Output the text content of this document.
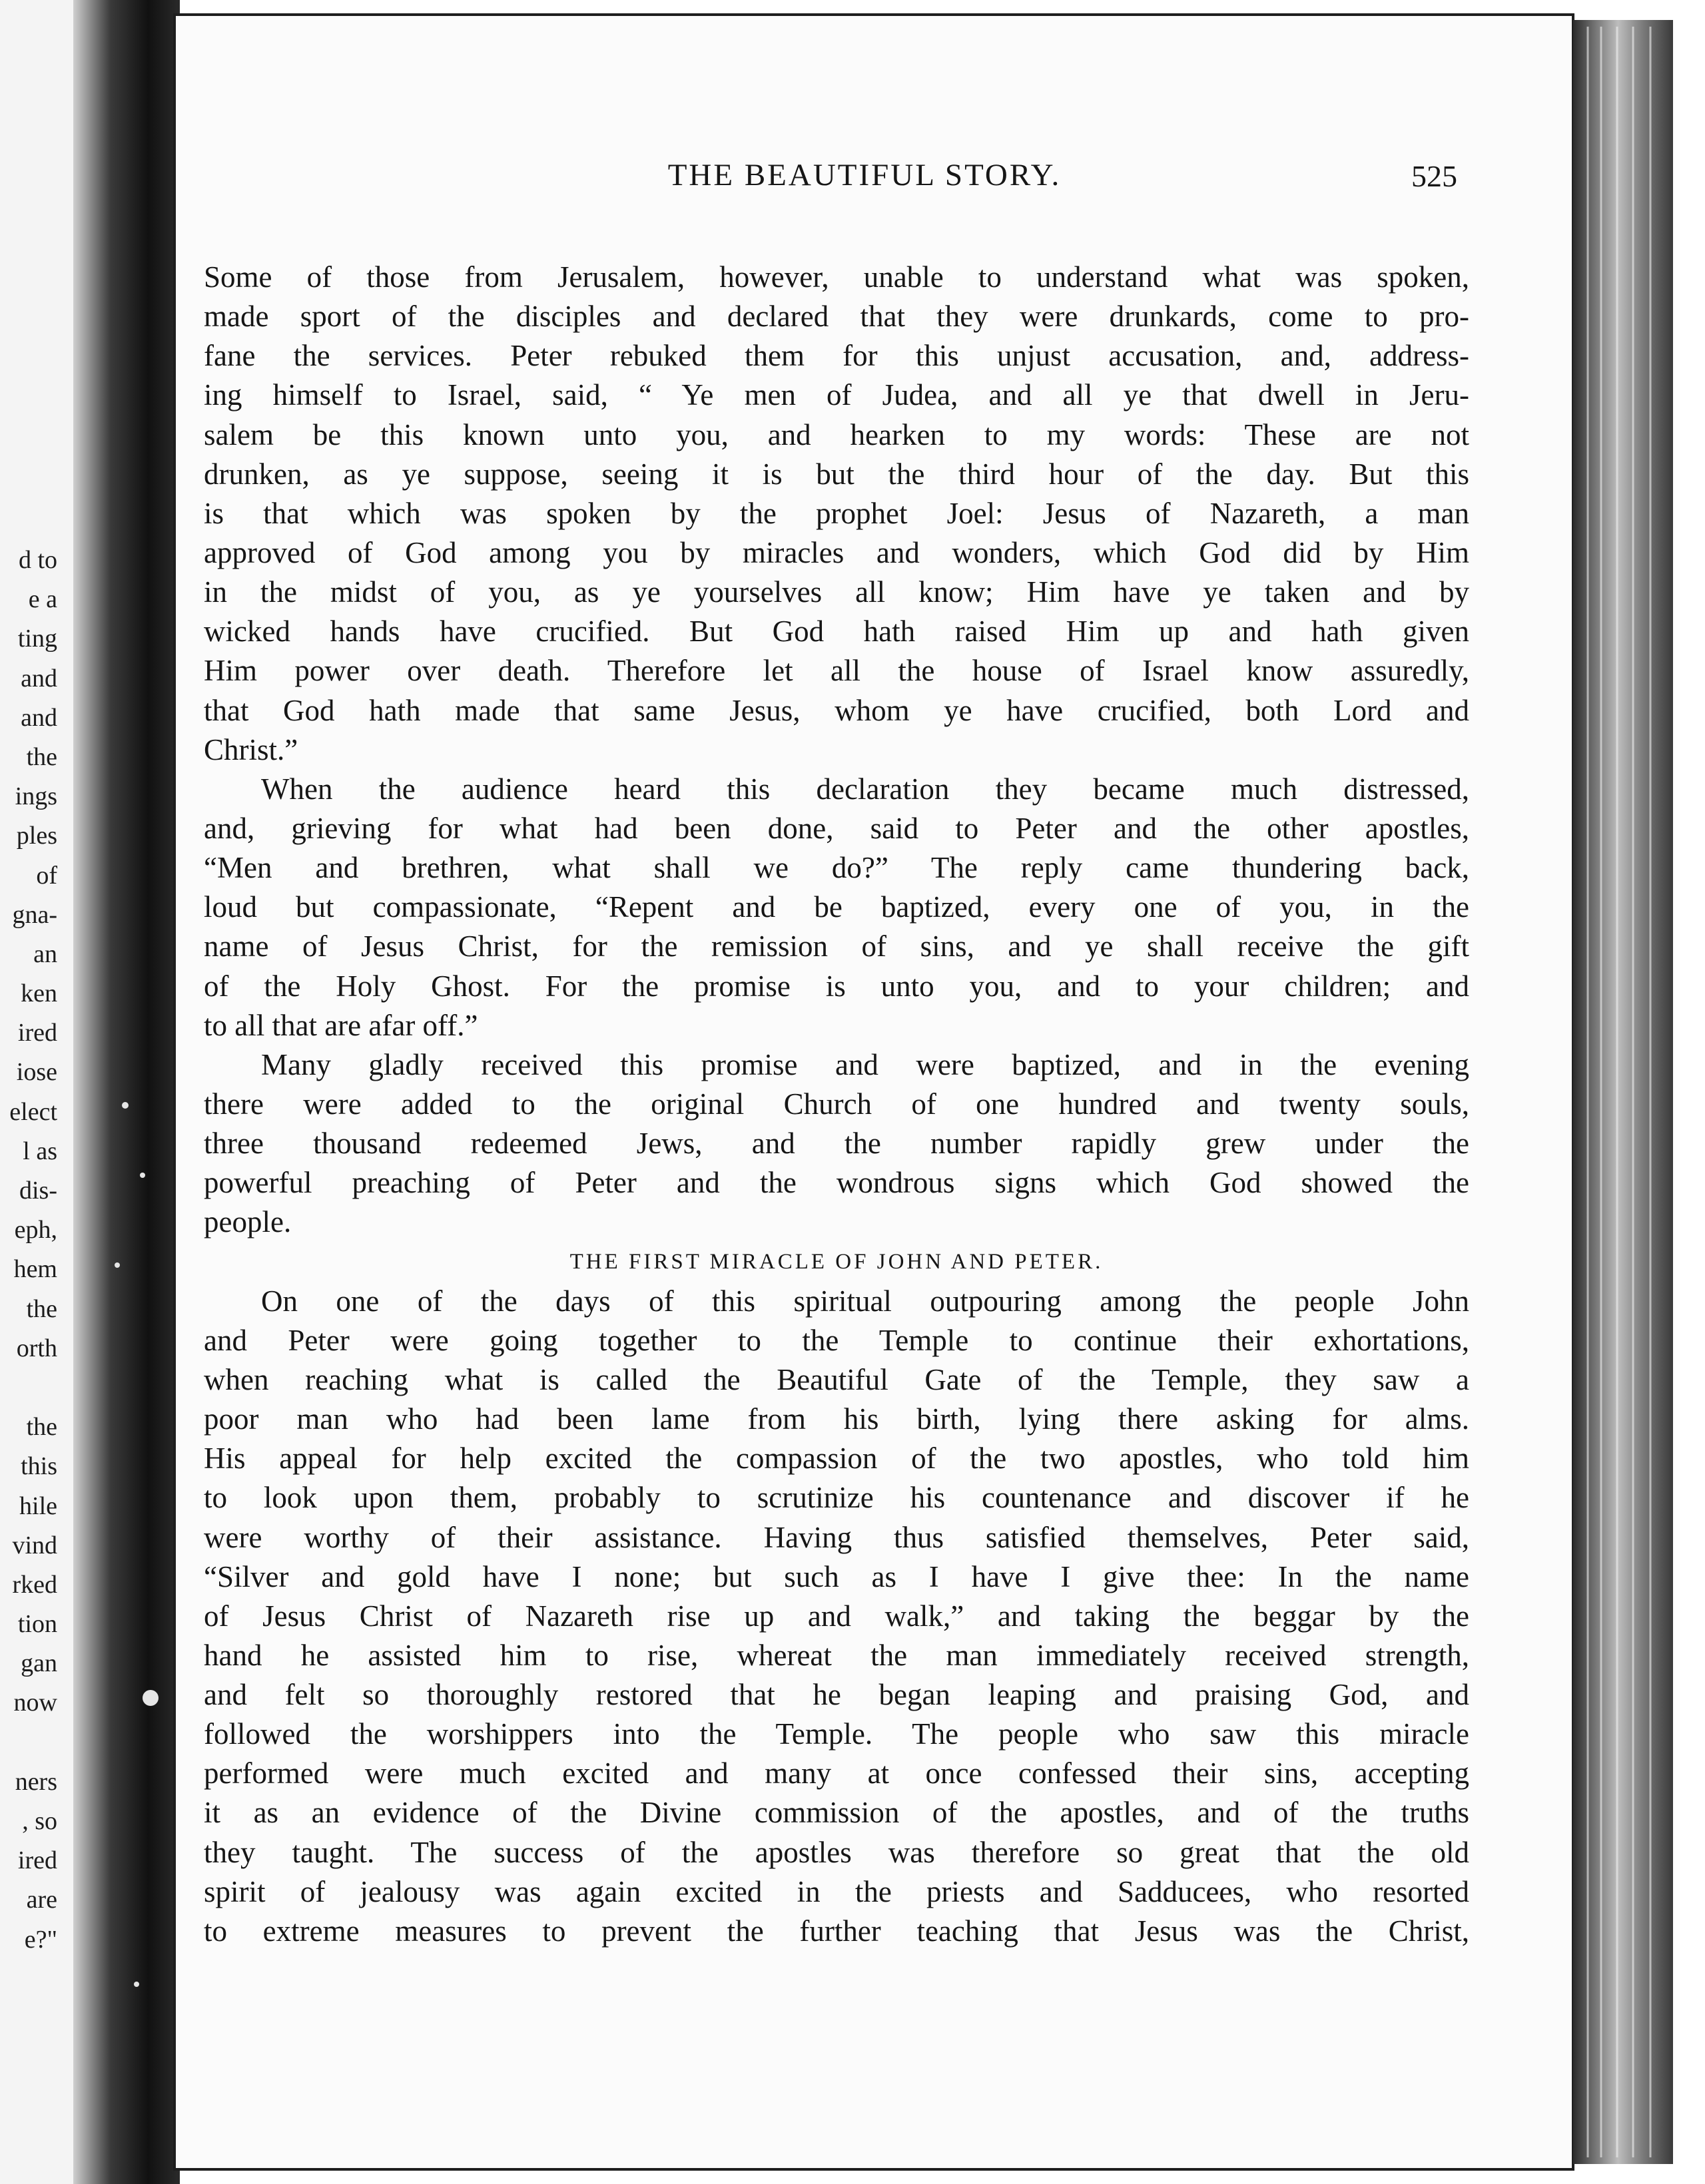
d to
e a
ting
and
and
the
ings
ples
of
gna-
an
ken
ired
iose
elect
l as
dis-
eph,
hem
the
orth
the
this
hile
vind
rked
tion
gan
now
ners
, so
ired
are
e?"
THE BEAUTIFUL STORY.	525

Some of those from Jerusalem, however, unable to understand what was spoken,
made sport of the disciples and declared that they were drunkards, come to pro-
fane the services. Peter rebuked them for this unjust accusation, and, address-
ing himself to Israel, said, “ Ye men of Judea, and all ye that dwell in Jeru-
salem be this known unto you, and hearken to my words: These are not
drunken, as ye suppose, seeing it is but the third hour of the day. But this
is that which was spoken by the prophet Joel: Jesus of Nazareth, a man
approved of God among you by miracles and wonders, which God did by Him
in the midst of you, as ye yourselves all know; Him have ye taken and by
wicked hands have crucified. But God hath raised Him up and hath given
Him power over death. Therefore let all the house of Israel know assuredly,
that God hath made that same Jesus, whom ye have crucified, both Lord and
Christ.”

When the audience heard this declaration they became much distressed,
and, grieving for what had been done, said to Peter and the other apostles,
“Men and brethren, what shall we do?” The reply came thundering back,
loud but compassionate, “Repent and be baptized, every one of you, in the
name of Jesus Christ, for the remission of sins, and ye shall receive the gift
of the Holy Ghost. For the promise is unto you, and to your children; and
to all that are afar off.”

Many gladly received this promise and were baptized, and in the evening
there were added to the original Church of one hundred and twenty souls,
three thousand redeemed Jews, and the number rapidly grew under the
powerful preaching of Peter and the wondrous signs which God showed the
people.

THE FIRST MIRACLE OF JOHN AND PETER.

On one of the days of this spiritual outpouring among the people John
and Peter were going together to the Temple to continue their exhortations,
when reaching what is called the Beautiful Gate of the Temple, they saw a
poor man who had been lame from his birth, lying there asking for alms.
His appeal for help excited the compassion of the two apostles, who told him
to look upon them, probably to scrutinize his countenance and discover if he
were worthy of their assistance. Having thus satisfied themselves, Peter said,
“Silver and gold have I none; but such as I have I give thee: In the name
of Jesus Christ of Nazareth rise up and walk,” and taking the beggar by the
hand he assisted him to rise, whereat the man immediately received strength,
and felt so thoroughly restored that he began leaping and praising God, and
followed the worshippers into the Temple. The people who saw this miracle
performed were much excited and many at once confessed their sins, accepting
it as an evidence of the Divine commission of the apostles, and of the truths
they taught. The success of the apostles was therefore so great that the old
spirit of jealousy was again excited in the priests and Sadducees, who resorted
to extreme measures to prevent the further teaching that Jesus was the Christ,
